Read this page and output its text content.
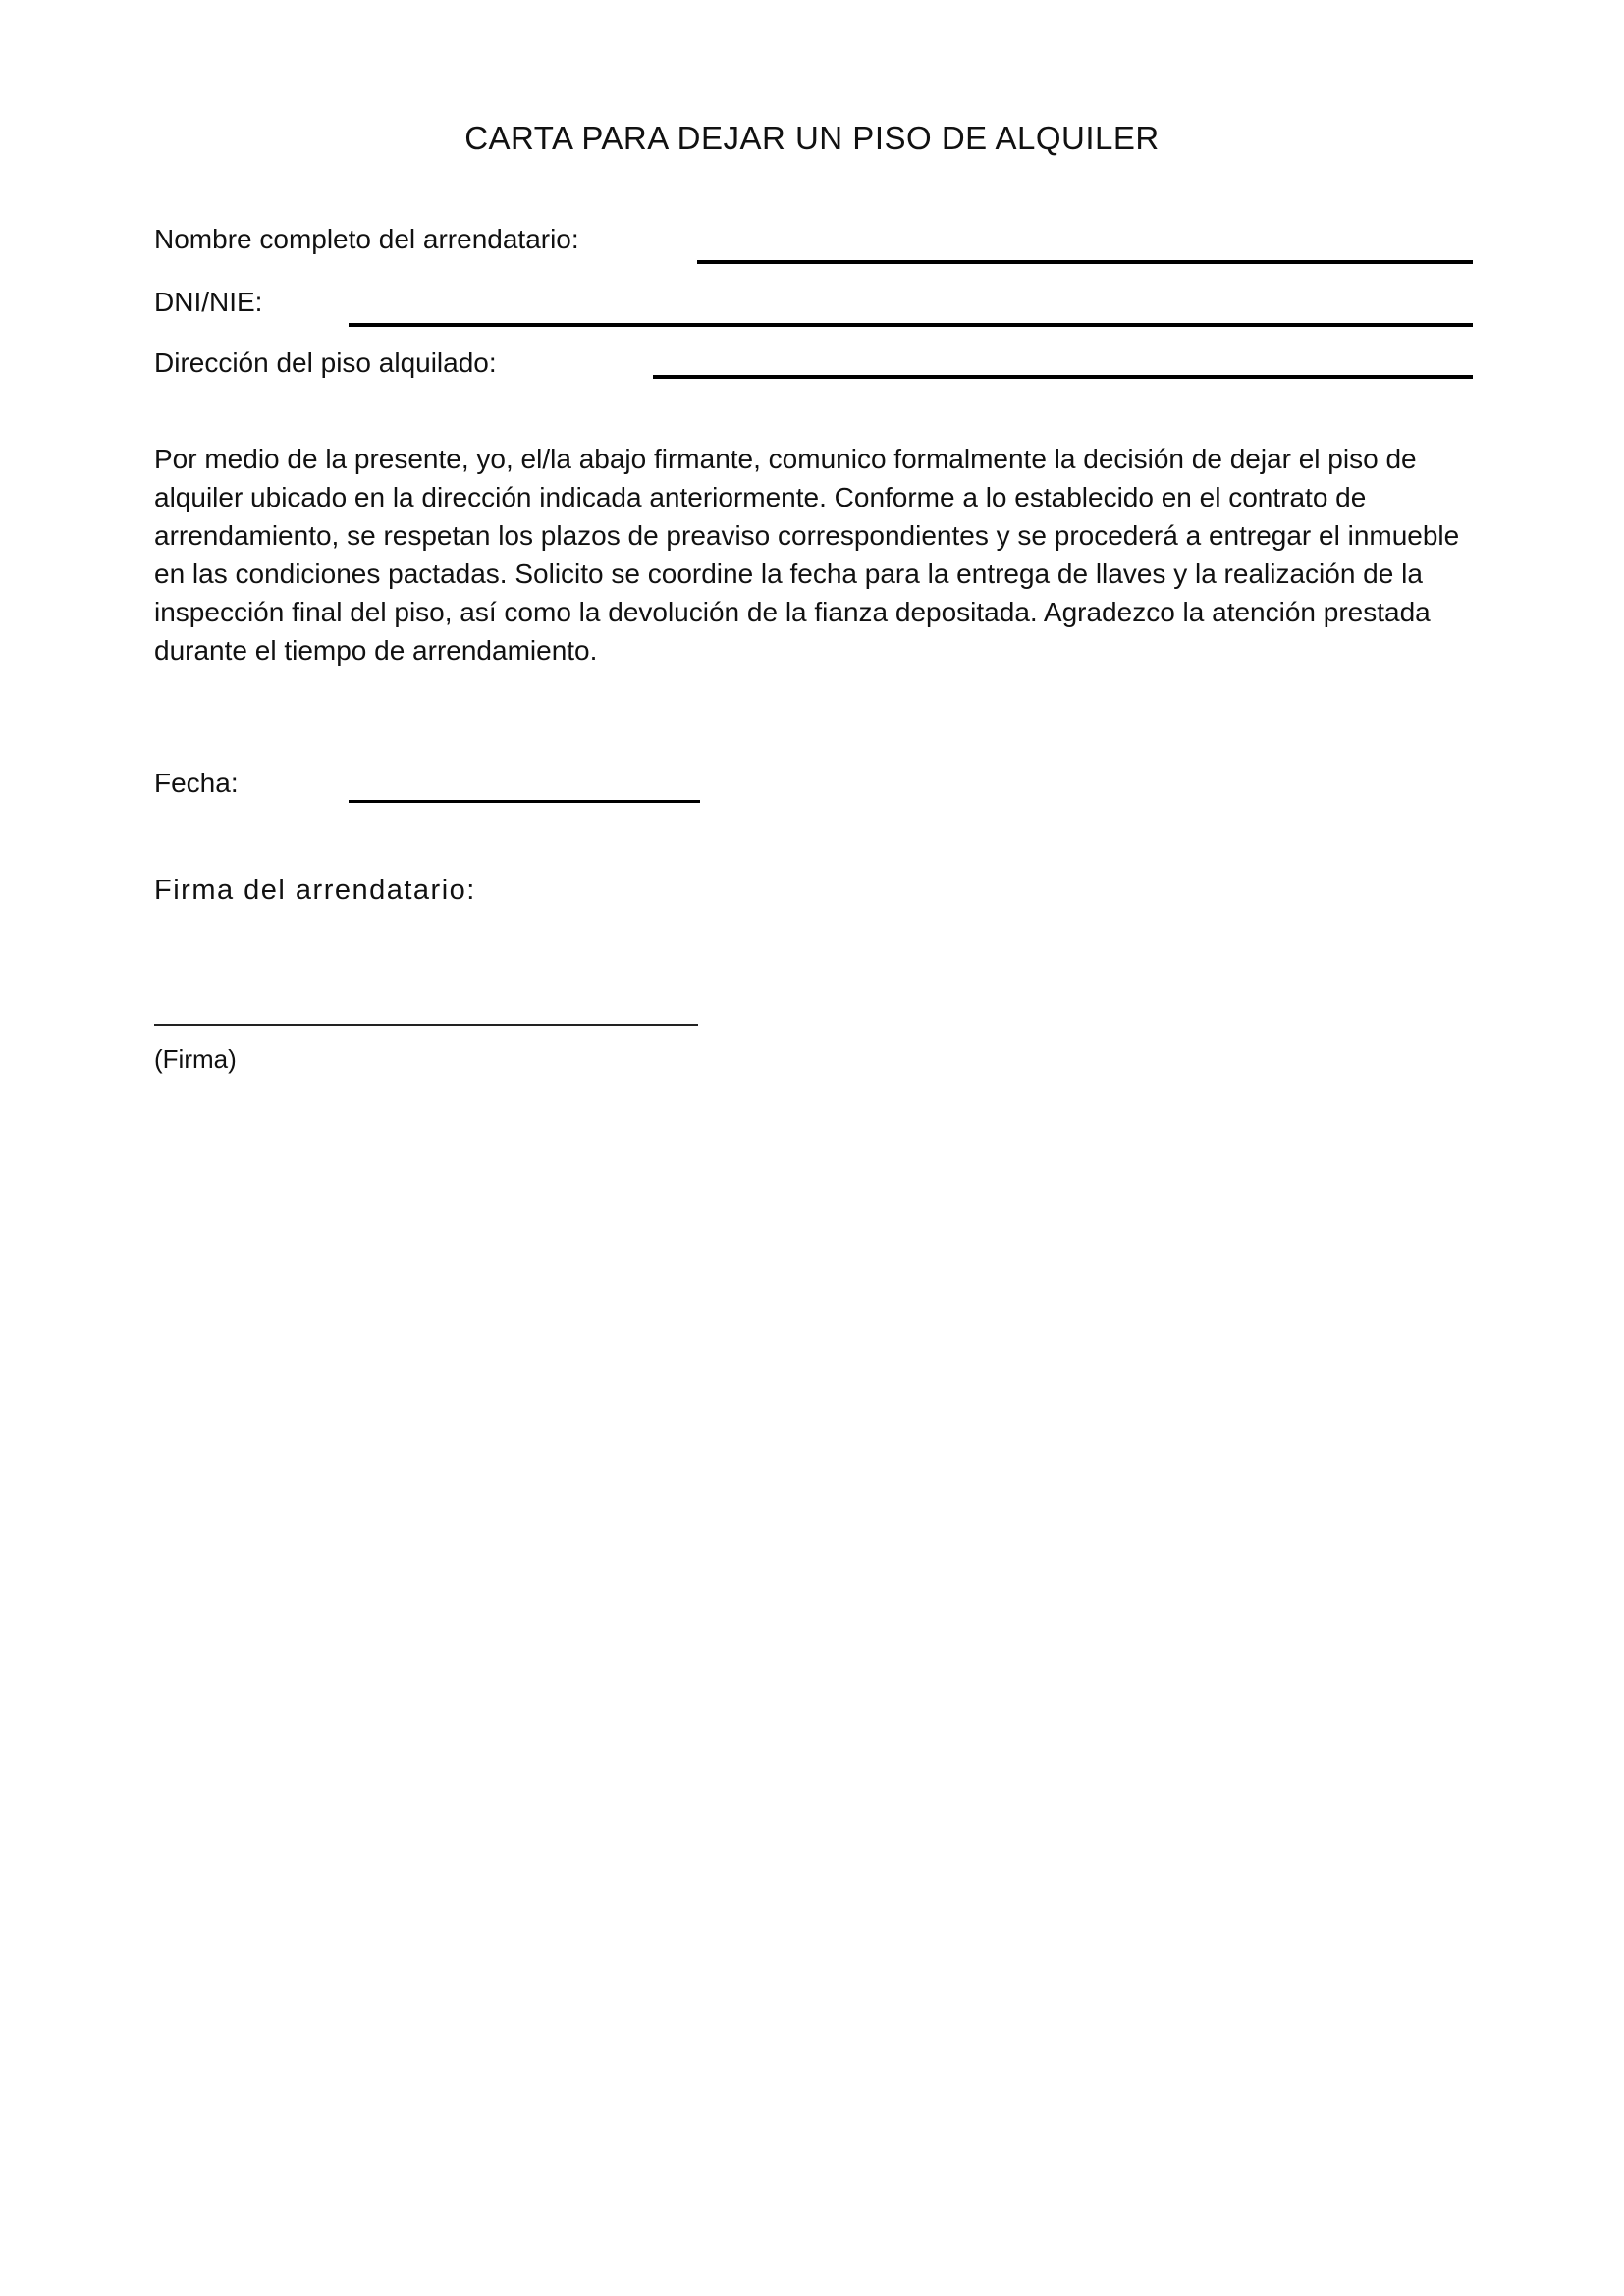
CARTA PARA DEJAR UN PISO DE ALQUILER
Nombre completo del arrendatario:
DNI/NIE:
Dirección del piso alquilado:

Por medio de la presente, yo, el/la abajo firmante, comunico formalmente la decisión de dejar el piso de alquiler ubicado en la dirección indicada anteriormente. Conforme a lo establecido en el contrato de arrendamiento, se respetan los plazos de preaviso correspondientes y se procederá a entregar el inmueble en las condiciones pactadas. Solicito se coordine la fecha para la entrega de llaves y la realización de la inspección final del piso, así como la devolución de la fianza depositada. Agradezco la atención prestada durante el tiempo de arrendamiento.

Fecha:
Firma del arrendatario:
(Firma)
